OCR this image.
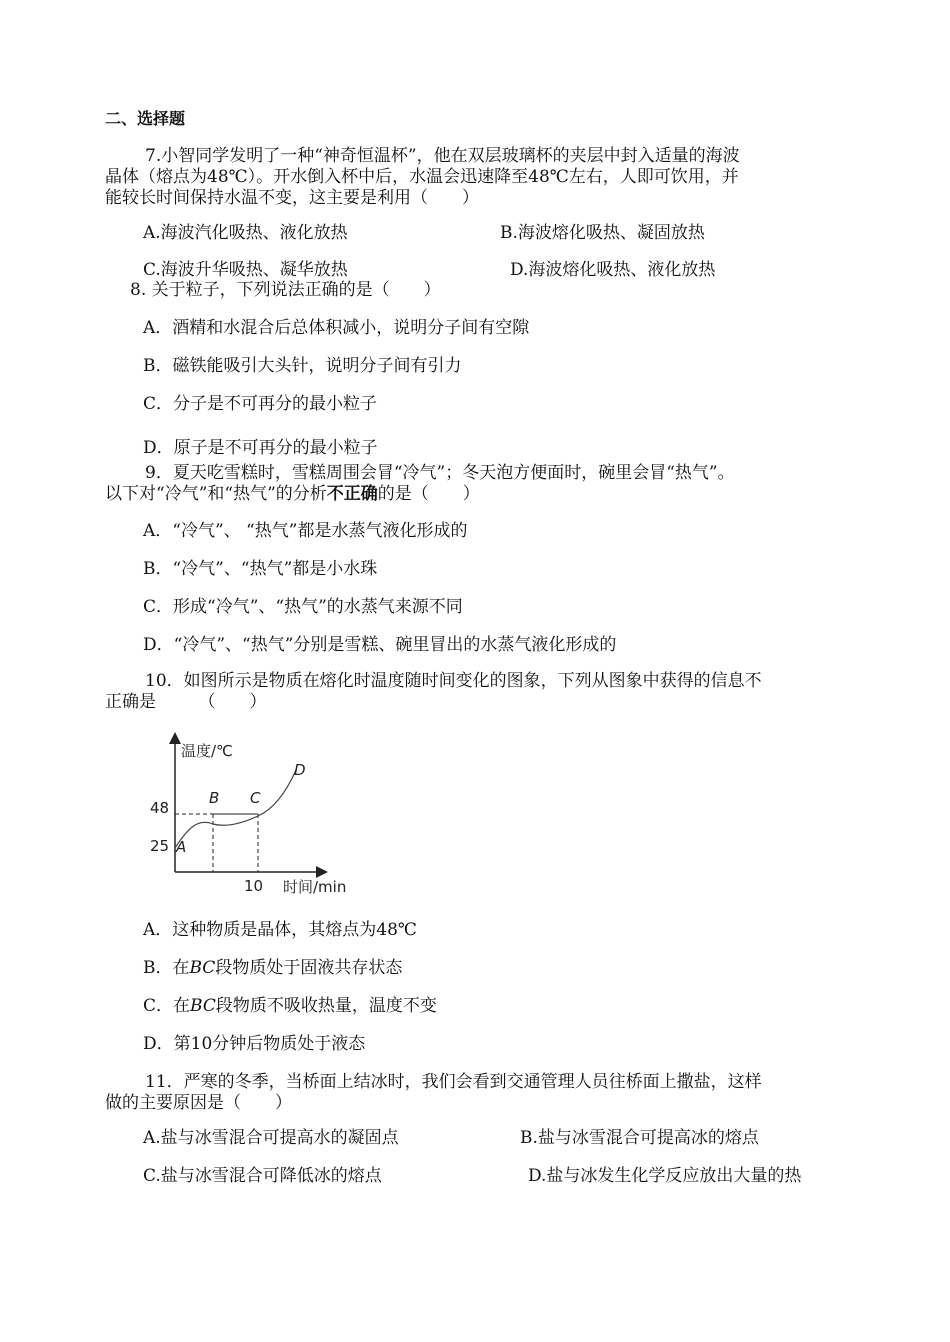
二、选择题
7.小智同学发明了一种“神奇恒温杯”，他在双层玻璃杯的夹层中封入适量的海波
晶体（熔点为48℃）。开水倒入杯中后，水温会迅速降至48℃左右，人即可饮用，并
能较长时间保持水温不变，这主要是利用（　　）
A.海波汽化吸热、液化放热	B.海波熔化吸热、凝固放热
C.海波升华吸热、凝华放热	D.海波熔化吸热、液化放热
8. 关于粒子，下列说法正确的是（　　）
A．酒精和水混合后总体积减小，说明分子间有空隙
B．磁铁能吸引大头针，说明分子间有引力
C．分子是不可再分的最小粒子
D．原子是不可再分的最小粒子
9．夏天吃雪糕时，雪糕周围会冒“冷气”；冬天泡方便面时，碗里会冒“热气”。
以下对“冷气”和“热气”的分析不正确的是（　　）
A．“冷气”、 “热气”都是水蒸气液化形成的
B．“冷气”、“热气”都是小水珠
C．形成“冷气”、“热气”的水蒸气来源不同
D．“冷气”、“热气”分别是雪糕、碗里冒出的水蒸气液化形成的
10．如图所示是物质在熔化时温度随时间变化的图象，下列从图象中获得的信息不
正确是　　　（　　）
温度/℃
时间/min
48
25
10
A
B C
D
A．这种物质是晶体，其熔点为48℃
B．在BC段物质处于固液共存状态
C．在BC段物质不吸收热量，温度不变
D．第10分钟后物质处于液态
11．严寒的冬季，当桥面上结冰时，我们会看到交通管理人员往桥面上撒盐，这样
做的主要原因是（　　）
A.盐与冰雪混合可提高水的凝固点	B.盐与冰雪混合可提高冰的熔点
C.盐与冰雪混合可降低冰的熔点	D.盐与冰发生化学反应放出大量的热
